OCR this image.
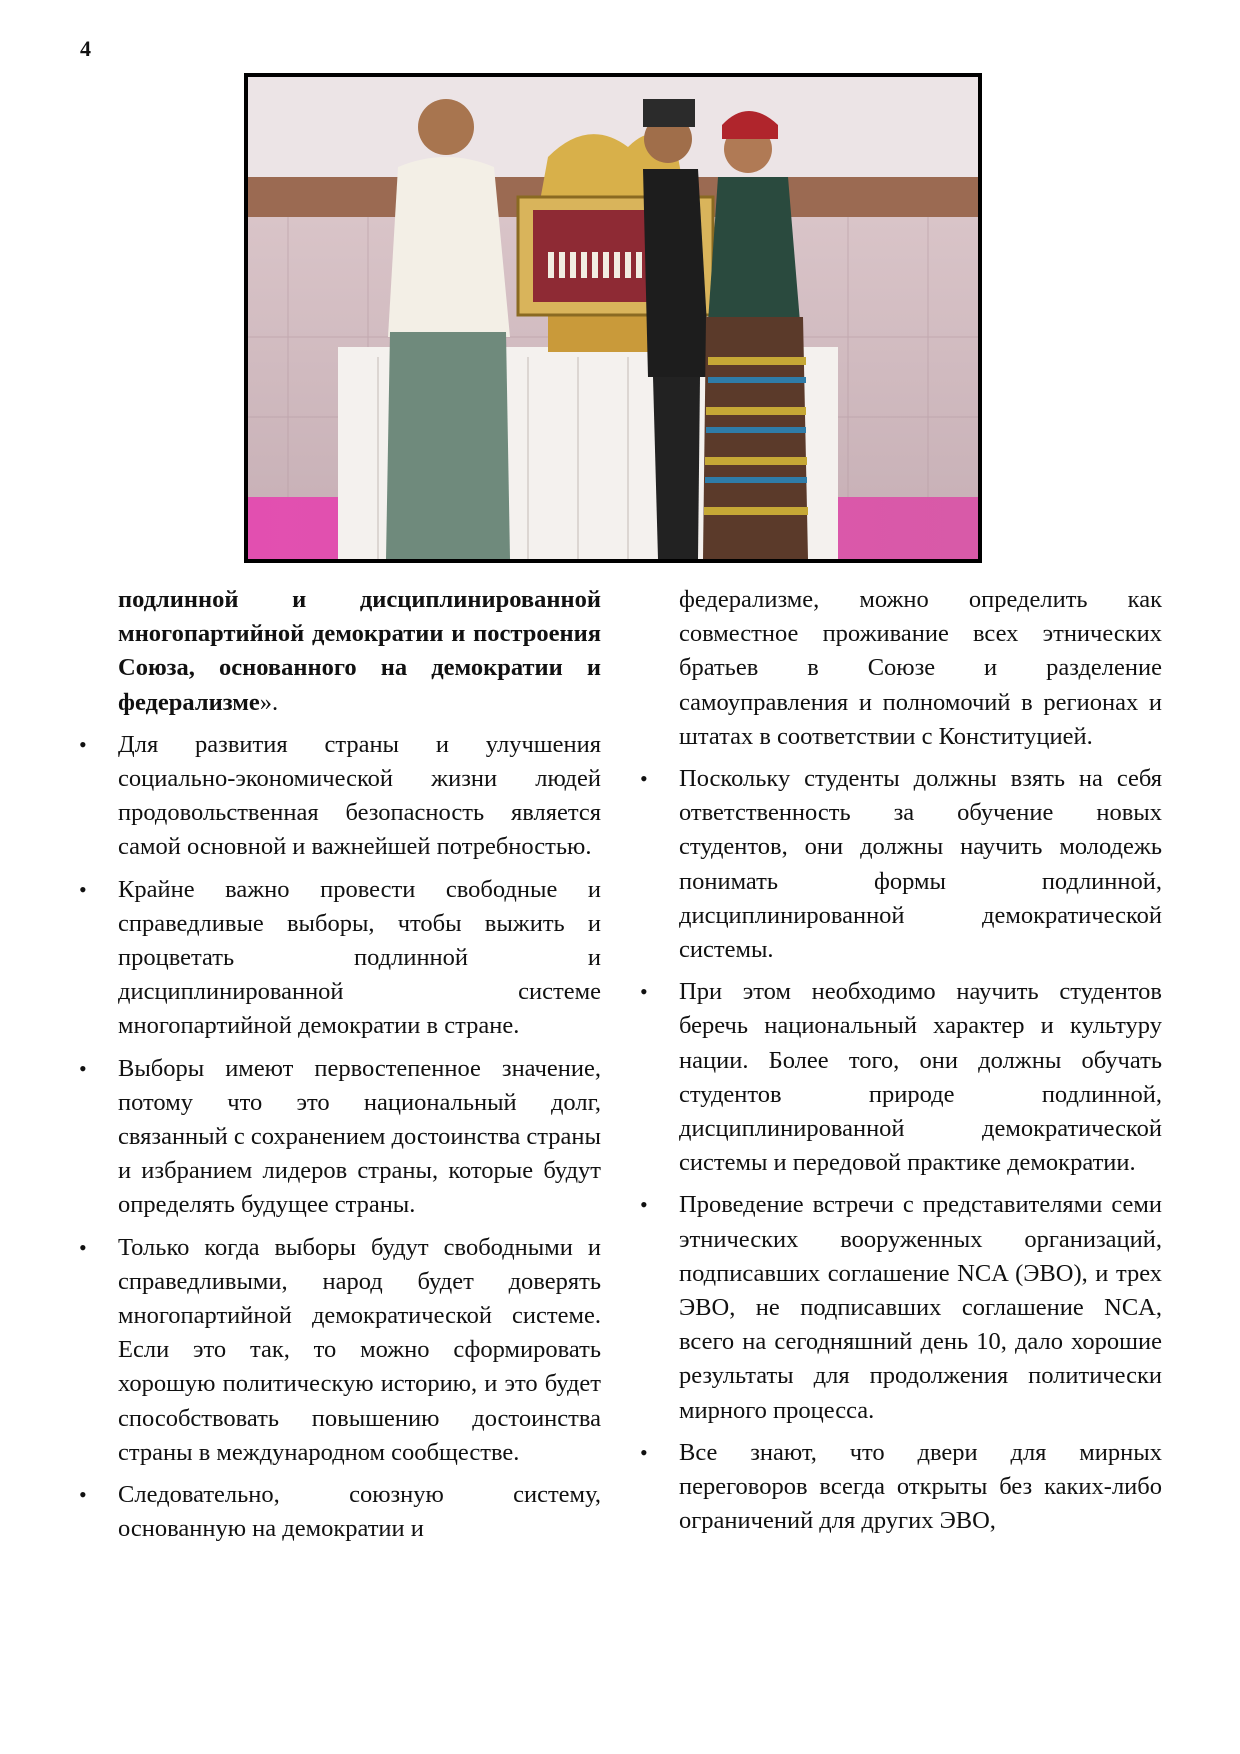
4

подлинной и дисциплинированной многопартийной демократии и построения Союза, основанного на демократии и федерализме».

• Для развития страны и улучшения социально-экономической жизни людей продовольственная безопасность является самой основной и важнейшей потребностью.
• Крайне важно провести свободные и справедливые выборы, чтобы выжить и процветать подлинной и дисциплинированной системе многопартийной демократии в стране.
• Выборы имеют первостепенное значение, потому что это национальный долг, связанный с сохранением достоинства страны и избранием лидеров страны, которые будут определять будущее страны.
• Только когда выборы будут свободными и справедливыми, народ будет доверять многопартийной демократической системе. Если это так, то можно сформировать хорошую политическую историю, и это будет способствовать повышению достоинства страны в международном сообществе.
• Следовательно, союзную систему, основанную на демократии и

федерализме, можно определить как совместное проживание всех этнических братьев в Союзе и разделение самоуправления и полномочий в регионах и штатах в соответствии с Конституцией.

• Поскольку студенты должны взять на себя ответственность за обучение новых студентов, они должны научить молодежь понимать формы подлинной, дисциплинированной демократической системы.
• При этом необходимо научить студентов беречь национальный характер и культуру нации. Более того, они должны обучать студентов природе подлинной, дисциплинированной демократической системы и передовой практике демократии.
• Проведение встречи с представителями семи этнических вооруженных организаций, подписавших соглашение NCA (ЭВО), и трех ЭВО, не подписавших соглашение NCA, всего на сегодняшний день 10, дало хорошие результаты для продолжения политически мирного процесса.
• Все знают, что двери для мирных переговоров всегда открыты без каких-либо ограничений для других ЭВО,
